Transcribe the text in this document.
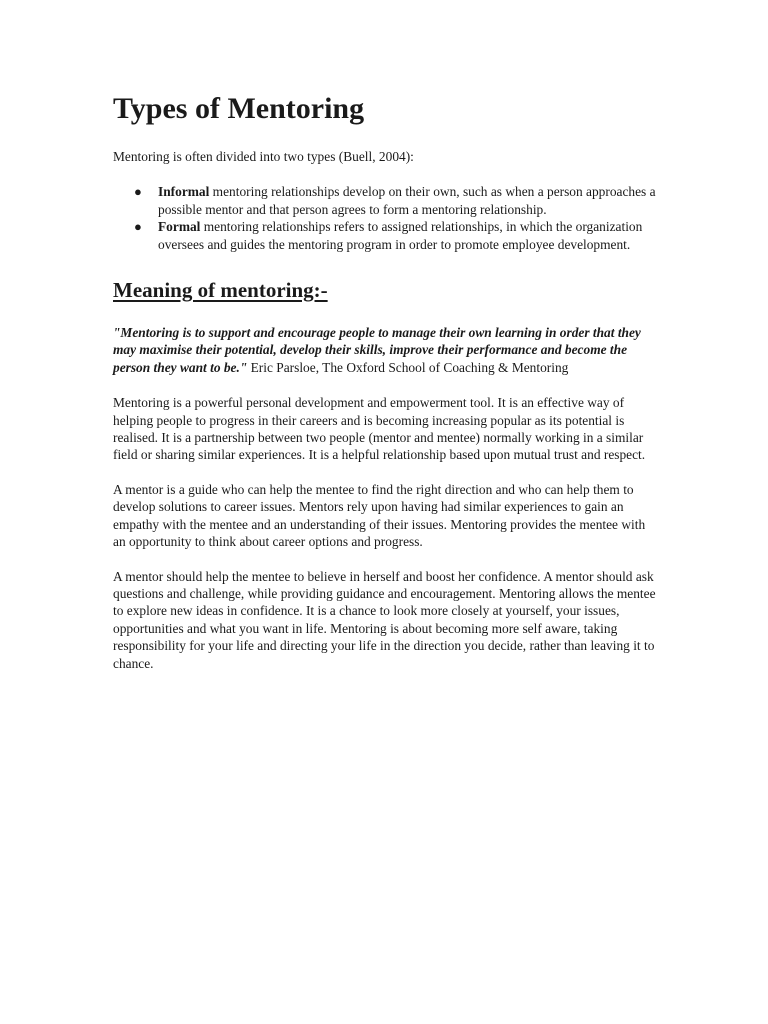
Types of Mentoring

Mentoring is often divided into two types (Buell, 2004):

● Informal mentoring relationships develop on their own, such as when a person approaches a possible mentor and that person agrees to form a mentoring relationship.
● Formal mentoring relationships refers to assigned relationships, in which the organization oversees and guides the mentoring program in order to promote employee development.
Meaning of mentoring:-

"Mentoring is to support and encourage people to manage their own learning in order that they may maximise their potential, develop their skills, improve their performance and become the person they want to be." Eric Parsloe, The Oxford School of Coaching & Mentoring

Mentoring is a powerful personal development and empowerment tool. It is an effective way of helping people to progress in their careers and is becoming increasing popular as its potential is realised. It is a partnership between two people (mentor and mentee) normally working in a similar field or sharing similar experiences. It is a helpful relationship based upon mutual trust and respect.

A mentor is a guide who can help the mentee to find the right direction and who can help them to develop solutions to career issues. Mentors rely upon having had similar experiences to gain an empathy with the mentee and an understanding of their issues. Mentoring provides the mentee with an opportunity to think about career options and progress.

A mentor should help the mentee to believe in herself and boost her confidence. A mentor should ask questions and challenge, while providing guidance and encouragement. Mentoring allows the mentee to explore new ideas in confidence. It is a chance to look more closely at yourself, your issues, opportunities and what you want in life. Mentoring is about becoming more self aware, taking responsibility for your life and directing your life in the direction you decide, rather than leaving it to chance.
